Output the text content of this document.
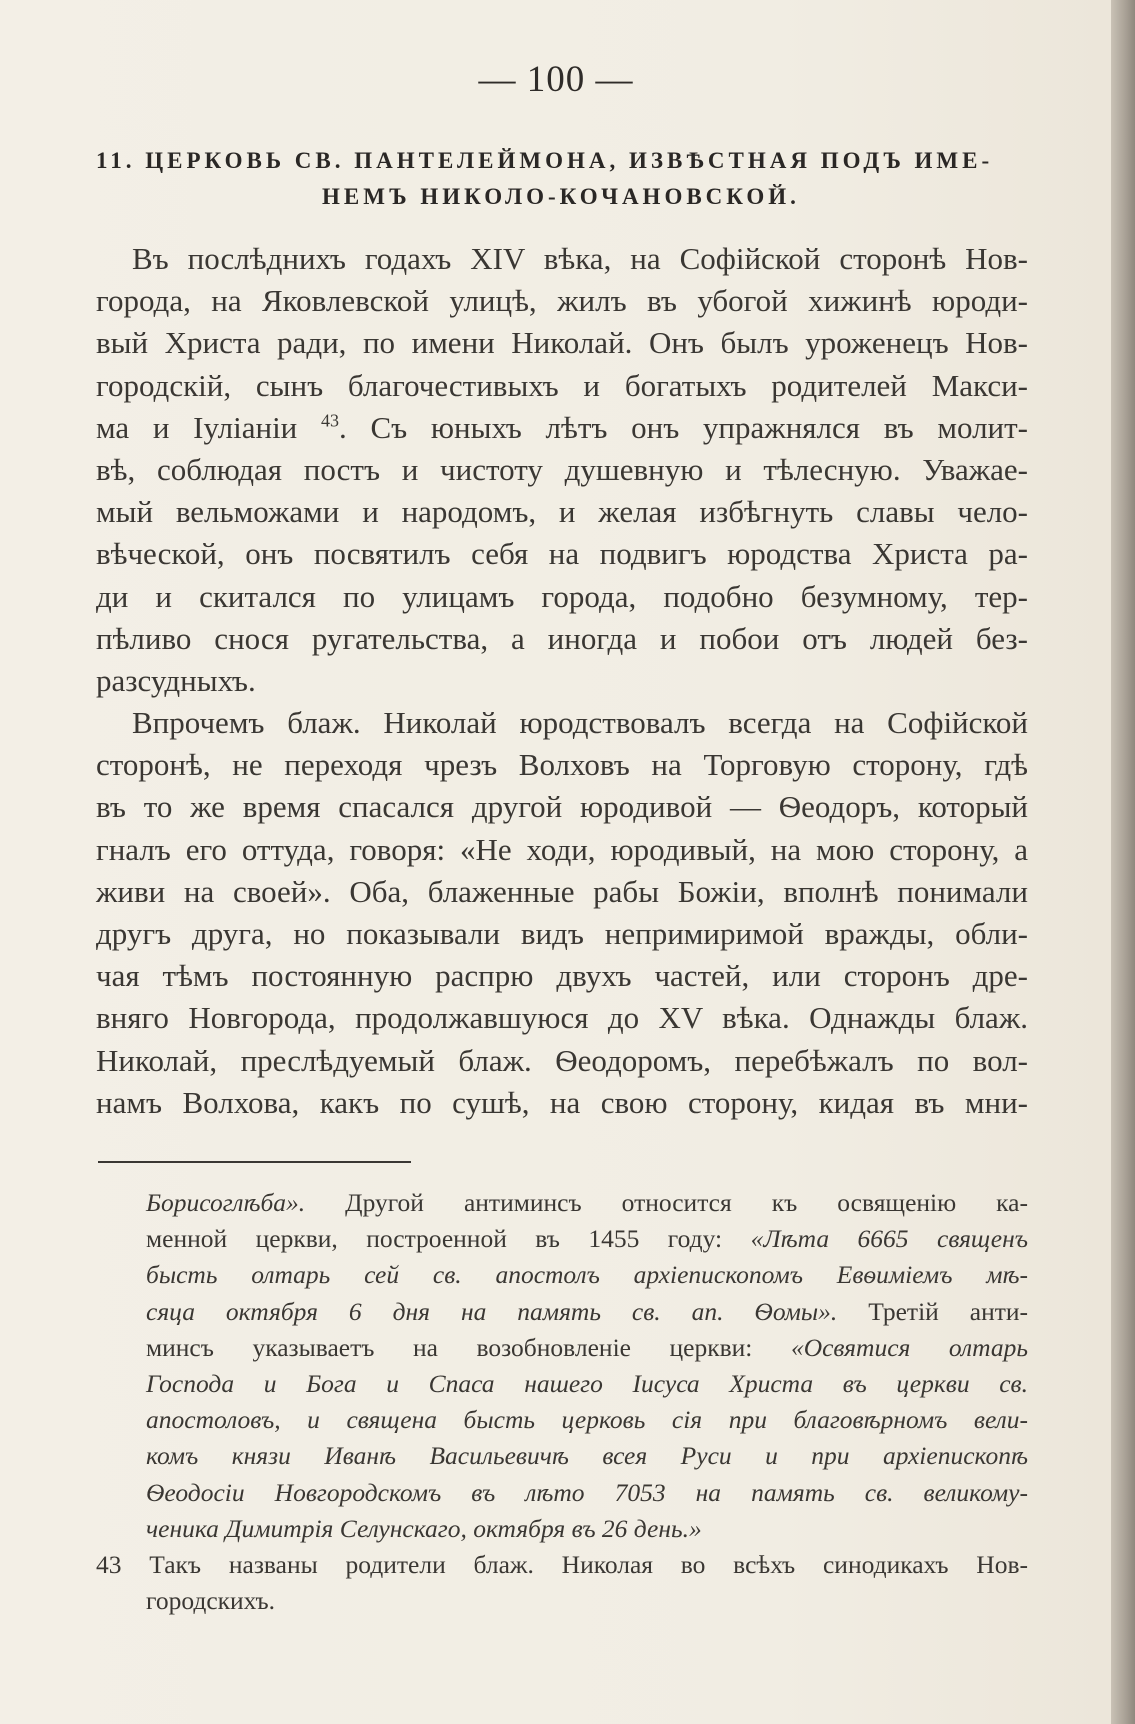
— 100 —
11. ЦЕРКОВЬ СВ. ПАНТЕЛЕЙМОНА, ИЗВѢСТНАЯ ПОДЪ ИМЕ-
НЕМЪ НИКОЛО-КОЧАНОВСКОЙ.
Въ послѣднихъ годахъ XIV вѣка, на Софійской сторонѣ Нов-
города, на Яковлевской улицѣ, жилъ въ убогой хижинѣ юроди-
вый Христа ради, по имени Николай. Онъ былъ уроженецъ Нов-
городскій, сынъ благочестивыхъ и богатыхъ родителей Макси-
ма и Іуліаніи $^{43}$. Съ юныхъ лѣтъ онъ упражнялся въ молит-
вѣ, соблюдая постъ и чистоту душевную и тѣлесную. Уважае-
мый вельможами и народомъ, и желая избѣгнуть славы чело-
вѣческой, онъ посвятилъ себя на подвигъ юродства Христа ра-
ди и скитался по улицамъ города, подобно безумному, тер-
пѣливо снося ругательства, а иногда и побои отъ людей без-
разсудныхъ.
Впрочемъ блаж. Николай юродствовалъ всегда на Софійской
сторонѣ, не переходя чрезъ Волховъ на Торговую сторону, гдѣ
въ то же время спасался другой юродивой — Ѳеодоръ, который
гналъ его оттуда, говоря: «Не ходи, юродивый, на мою сторону, а
живи на своей». Оба, блаженные рабы Божіи, вполнѣ понимали
другъ друга, но показывали видъ непримиримой вражды, обли-
чая тѣмъ постоянную распрю двухъ частей, или сторонъ дре-
вняго Новгорода, продолжавшуюся до XV вѣка. Однажды блаж.
Николай, преслѣдуемый блаж. Ѳеодоромъ, перебѣжалъ по вол-
намъ Волхова, какъ по сушѣ, на свою сторону, кидая въ мни-
Борисоглѣба». Другой антиминсъ относится къ освященію ка-
менной церкви, построенной въ 1455 году: «Лѣта 6665 священъ
бысть олтарь сей св. апостолъ архіепископомъ Евѳиміемъ мѣ-
сяца октября 6 дня на память св. ап. Ѳомы». Третій анти-
минсъ указываетъ на возобновленіе церкви: «Освятися олтарь
Господа и Бога и Спаса нашего Іисуса Христа въ церкви св.
апостоловъ, и священа бысть церковь сія при благовѣрномъ вели-
комъ князи Иванѣ Васильевичѣ всея Руси и при архіепископѣ
Ѳеодосіи Новгородскомъ въ лѣто 7053 на память св. великому-
ченика Димитрія Селунскаго, октября въ 26 день.»
43 Такъ названы родители блаж. Николая во всѣхъ синодикахъ Нов-
городскихъ.
